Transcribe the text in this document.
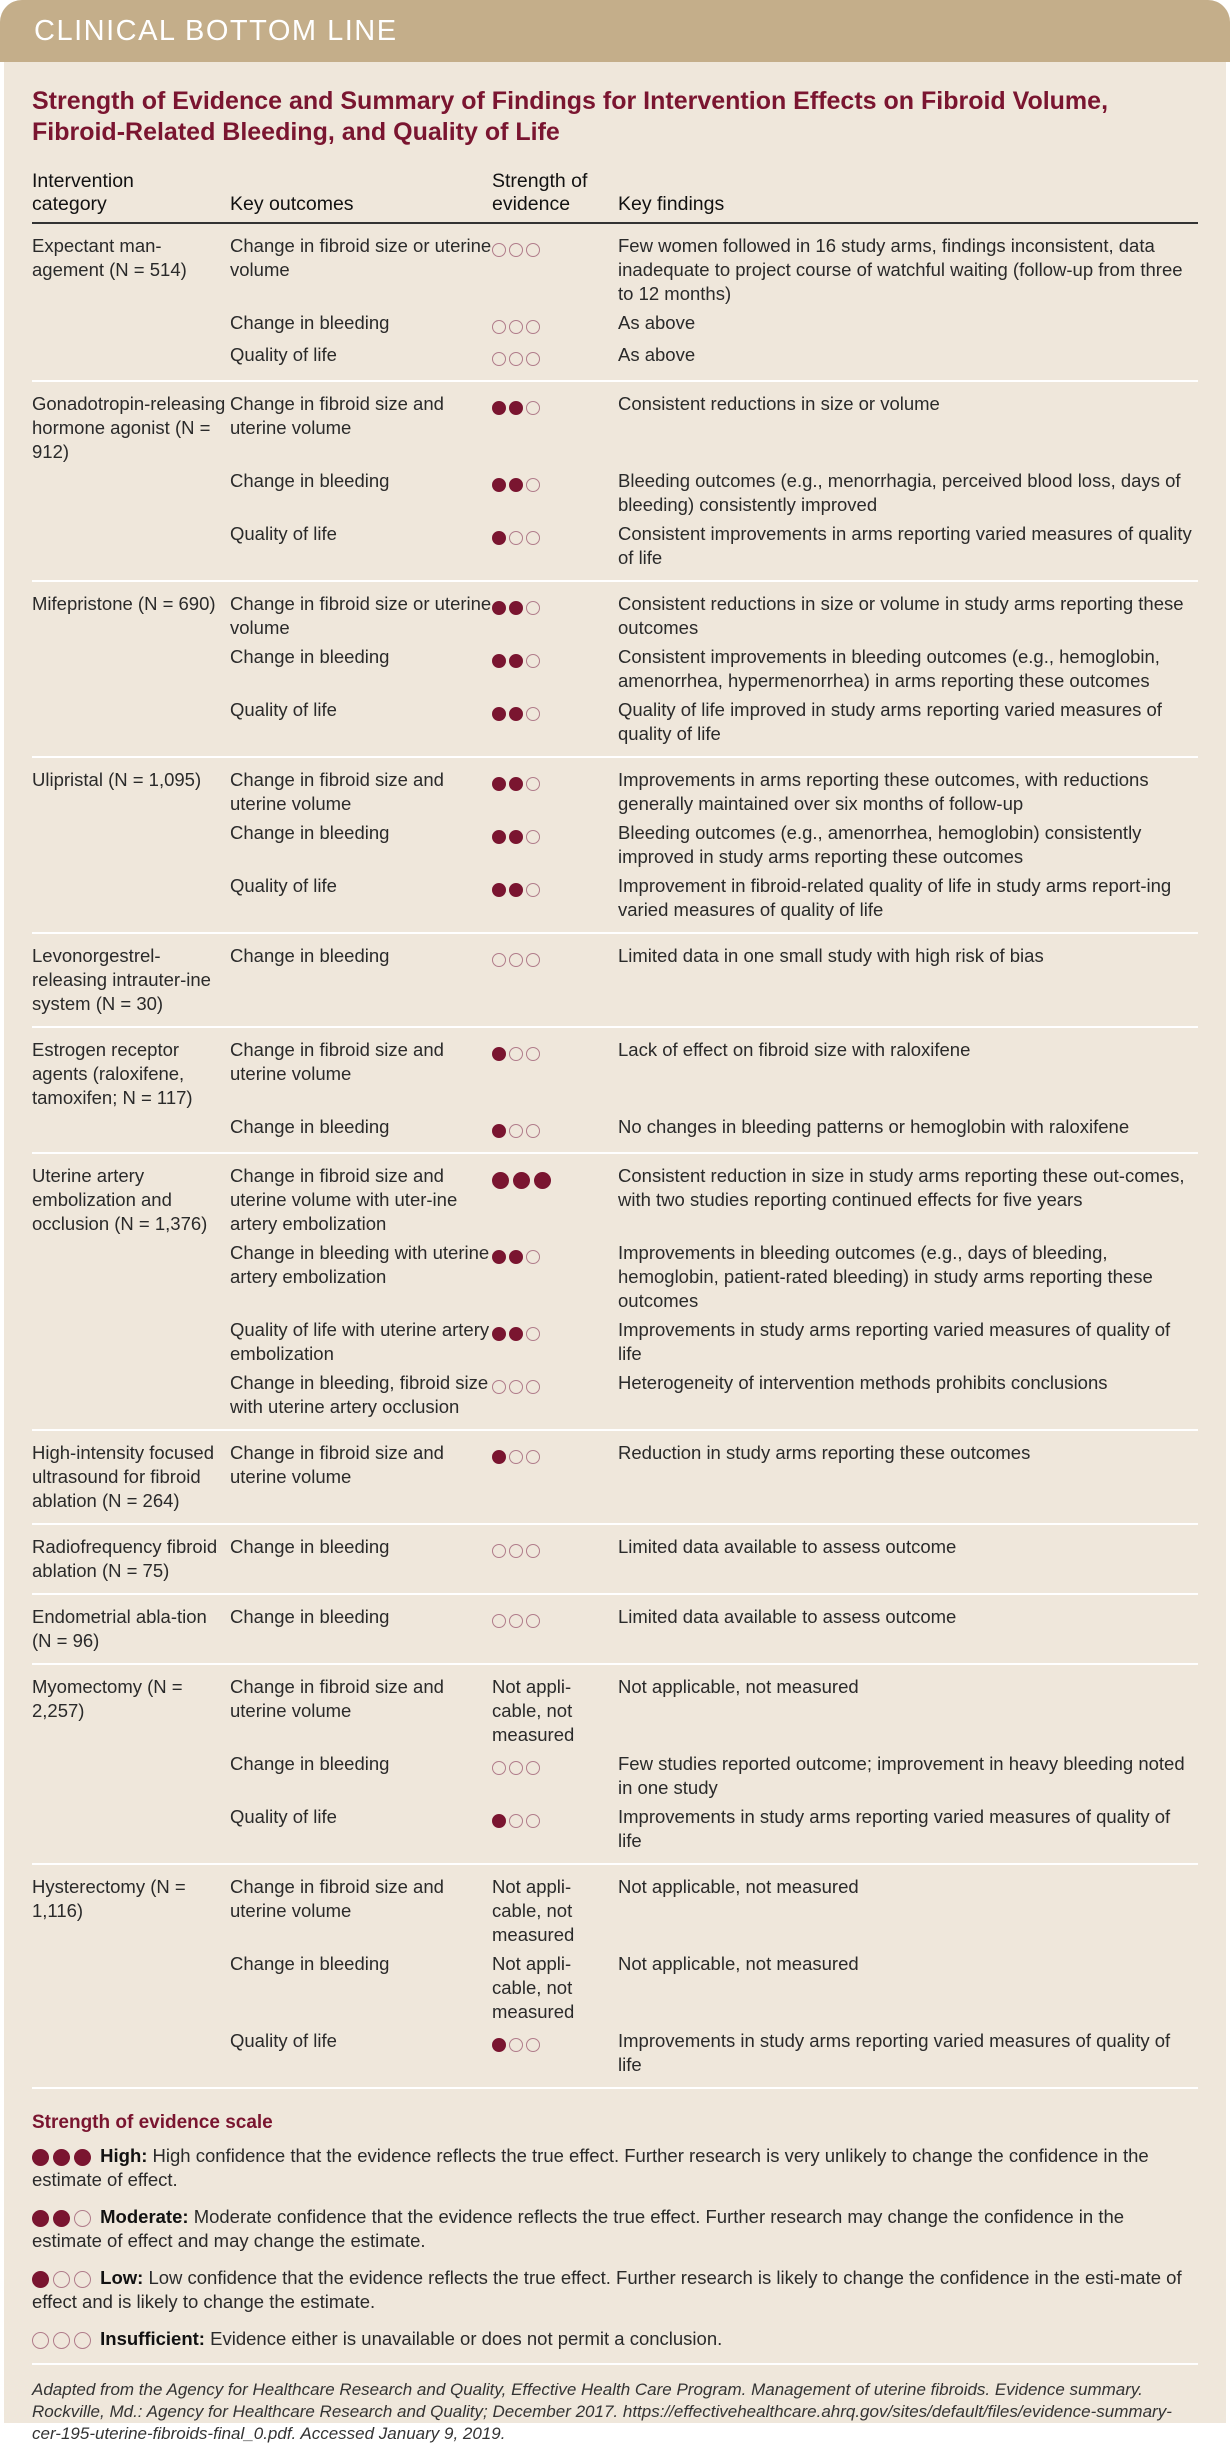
CLINICAL BOTTOM LINE
Strength of Evidence and Summary of Findings for Intervention Effects on Fibroid Volume, Fibroid-Related Bleeding, and Quality of Life
Intervention category	Key outcomes	Strength of evidence	Key findings
Expectant man-agement (N = 514)	Change in fibroid size or uterine volume		Few women followed in 16 study arms, findings inconsistent, data inadequate to project course of watchful waiting (follow-up from three to 12 months)
	Change in bleeding		As above
	Quality of life		As above
Gonadotropin-releasing hormone agonist (N = 912)	Change in fibroid size and uterine volume		Consistent reductions in size or volume
	Change in bleeding		Bleeding outcomes (e.g., menorrhagia, perceived blood loss, days of bleeding) consistently improved
	Quality of life		Consistent improvements in arms reporting varied measures of quality of life
Mifepristone (N = 690)	Change in fibroid size or uterine volume		Consistent reductions in size or volume in study arms reporting these outcomes
	Change in bleeding		Consistent improvements in bleeding outcomes (e.g., hemoglobin, amenorrhea, hypermenorrhea) in arms reporting these outcomes
	Quality of life		Quality of life improved in study arms reporting varied measures of quality of life
Ulipristal (N = 1,095)	Change in fibroid size and uterine volume		Improvements in arms reporting these outcomes, with reductions generally maintained over six months of follow-up
	Change in bleeding		Bleeding outcomes (e.g., amenorrhea, hemoglobin) consistently improved in study arms reporting these outcomes
	Quality of life		Improvement in fibroid-related quality of life in study arms report-ing varied measures of quality of life
Levonorgestrel-releasing intrauter-ine system (N = 30)	Change in bleeding		Limited data in one small study with high risk of bias
Estrogen receptor agents (raloxifene, tamoxifen; N = 117)	Change in fibroid size and uterine volume		Lack of effect on fibroid size with raloxifene
	Change in bleeding		No changes in bleeding patterns or hemoglobin with raloxifene
Uterine artery embolization and occlusion (N = 1,376)	Change in fibroid size and uterine volume with uter-ine artery embolization		Consistent reduction in size in study arms reporting these out-comes, with two studies reporting continued effects for five years
	Change in bleeding with uterine artery embolization		Improvements in bleeding outcomes (e.g., days of bleeding, hemoglobin, patient-rated bleeding) in study arms reporting these outcomes
	Quality of life with uterine artery embolization		Improvements in study arms reporting varied measures of quality of life
	Change in bleeding, fibroid size with uterine artery occlusion		Heterogeneity of intervention methods prohibits conclusions
High-intensity focused ultrasound for fibroid ablation (N = 264)	Change in fibroid size and uterine volume		Reduction in study arms reporting these outcomes
Radiofrequency fibroid ablation (N = 75)	Change in bleeding		Limited data available to assess outcome
Endometrial abla-tion (N = 96)	Change in bleeding		Limited data available to assess outcome
Myomectomy (N = 2,257)	Change in fibroid size and uterine volume	Not appli-cable, not measured	Not applicable, not measured
	Change in bleeding		Few studies reported outcome; improvement in heavy bleeding noted in one study
	Quality of life		Improvements in study arms reporting varied measures of quality of life
Hysterectomy (N = 1,116)	Change in fibroid size and uterine volume	Not appli-cable, not measured	Not applicable, not measured
	Change in bleeding	Not appli-cable, not measured	Not applicable, not measured
	Quality of life		Improvements in study arms reporting varied measures of quality of life
Strength of evidence scale
High: High confidence that the evidence reflects the true effect. Further research is very unlikely to change the confidence in the estimate of effect.
Moderate: Moderate confidence that the evidence reflects the true effect. Further research may change the confidence in the estimate of effect and may change the estimate.
Low: Low confidence that the evidence reflects the true effect. Further research is likely to change the confidence in the esti-mate of effect and is likely to change the estimate.
Insufficient: Evidence either is unavailable or does not permit a conclusion.
Adapted from the Agency for Healthcare Research and Quality, Effective Health Care Program. Management of uterine fibroids. Evidence summary. Rockville, Md.: Agency for Healthcare Research and Quality; December 2017. https://effectivehealthcare.ahrq.gov/sites/default/files/evidence-summary-cer-195-uterine-fibroids-final_0.pdf. Accessed January 9, 2019.
